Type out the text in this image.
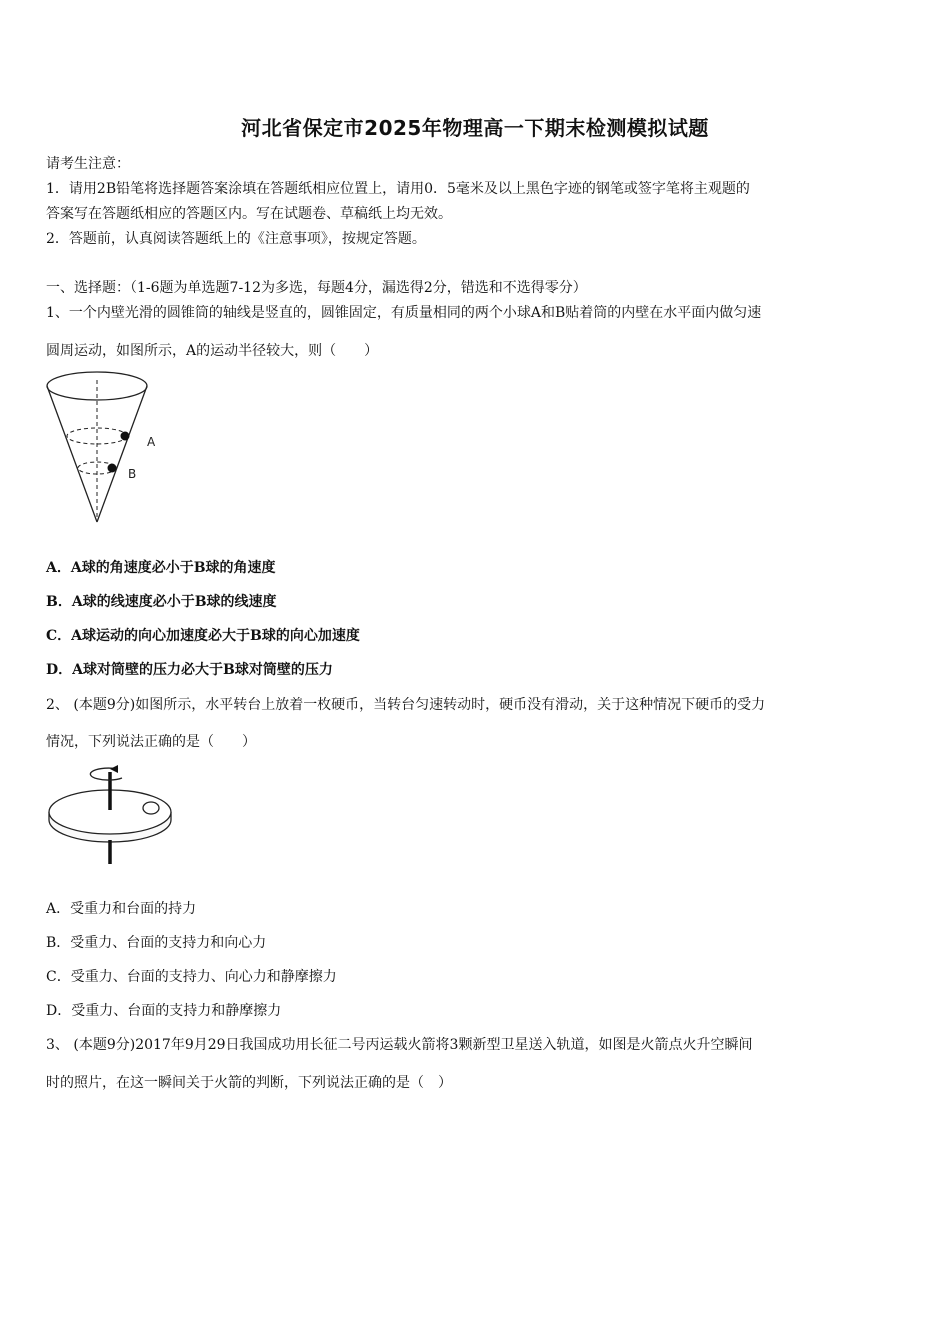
河北省保定市2025年物理高一下期末检测模拟试题
请考生注意：
1．请用2B铅笔将选择题答案涂填在答题纸相应位置上，请用0．5毫米及以上黑色字迹的钢笔或签字笔将主观题的
答案写在答题纸相应的答题区内。写在试题卷、草稿纸上均无效。
2．答题前，认真阅读答题纸上的《注意事项》，按规定答题。
一、选择题：（1-6题为单选题7-12为多选，每题4分，漏选得2分，错选和不选得零分）
1、一个内壁光滑的圆锥筒的轴线是竖直的，圆锥固定，有质量相同的两个小球A和B贴着筒的内壁在水平面内做匀速
圆周运动，如图所示，A的运动半径较大，则（　　）
A
B
A．A球的角速度必小于B球的角速度
B．A球的线速度必小于B球的线速度
C．A球运动的向心加速度必大于B球的向心加速度
D．A球对筒壁的压力必大于B球对筒壁的压力
2、 (本题9分)如图所示，水平转台上放着一枚硬币，当转台匀速转动时，硬币没有滑动，关于这种情况下硬币的受力
情况，下列说法正确的是（　　）
A．受重力和台面的持力
B．受重力、台面的支持力和向心力
C．受重力、台面的支持力、向心力和静摩擦力
D．受重力、台面的支持力和静摩擦力
3、 (本题9分)2017年9月29日我国成功用长征二号丙运载火箭将3颗新型卫星送入轨道，如图是火箭点火升空瞬间
时的照片，在这一瞬间关于火箭的判断，下列说法正确的是（　）
